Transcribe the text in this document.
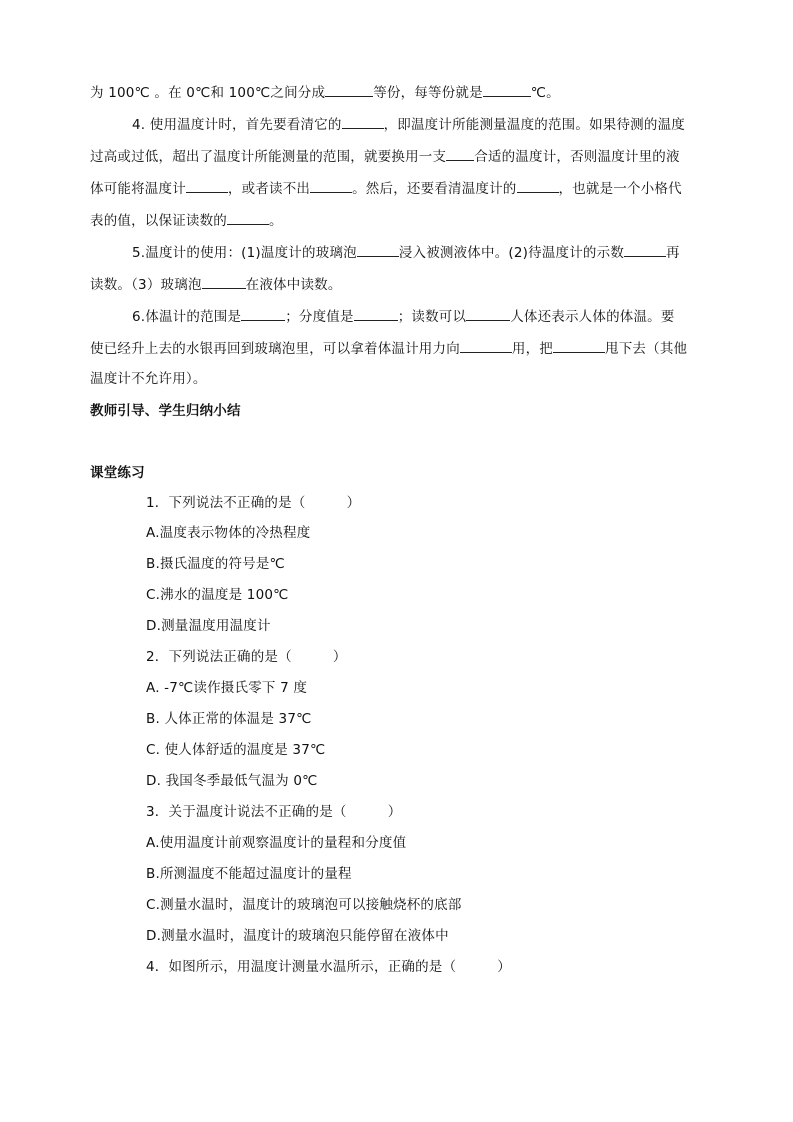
为 100℃ 。在 0℃和 100℃之间分成	等份，每等份就是	℃。
4. 使用温度计时，首先要看清它的	，即温度计所能测量温度的范围。如果待测的温度
过高或过低，超出了温度计所能测量的范围，就要换用一支 合适的温度计，否则温度计里的液
体可能将温度计	，或者读不出	。然后，还要看清温度计的	，也就是一个小格代
表的值，以保证读数的	。
5.温度计的使用：(1)温度计的玻璃泡	浸入被测液体中。(2)待温度计的示数	再
读数。（3）玻璃泡	在液体中读数。
6.体温计的范围是	；分度值是	；读数可以	人体还表示人体的体温。要
使已经升上去的水银再回到玻璃泡里，可以拿着体温计用力向	用，把	甩下去（其他
温度计不允许用）。
教师引导、学生归纳小结
课堂练习
1．下列说法不正确的是（　　　）
A.温度表示物体的冷热程度
B.摄氏温度的符号是℃
C.沸水的温度是 100℃
D.测量温度用温度计
2．下列说法正确的是（　　　）
A. -7℃读作摄氏零下 7 度
B. 人体正常的体温是 37℃
C. 使人体舒适的温度是 37℃
D. 我国冬季最低气温为 0℃
3．关于温度计说法不正确的是（　　　）
A.使用温度计前观察温度计的量程和分度值
B.所测温度不能超过温度计的量程
C.测量水温时，温度计的玻璃泡可以接触烧杯的底部
D.测量水温时，温度计的玻璃泡只能停留在液体中
4．如图所示，用温度计测量水温所示，正确的是（　　　）
